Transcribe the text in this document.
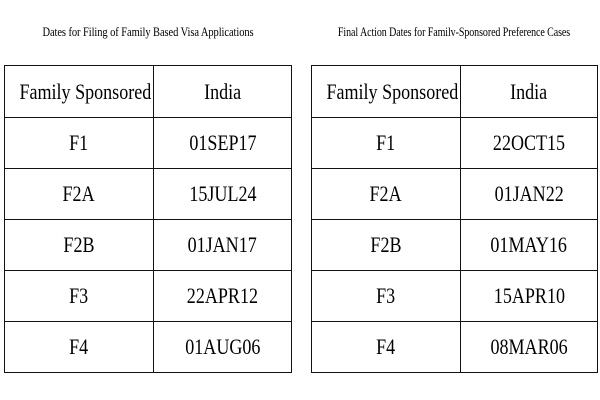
Dates for Filing of Family Based Visa Applications
Family Sponsored	India
F1	01SEP17
F2A	15JUL24
F2B	01JAN17
F3	22APR12
F4	01AUG06
Final Action Dates for Familv-Sponsored Preference Cases
Family Sponsored	India
F1	22OCT15
F2A	01JAN22
F2B	01MAY16
F3	15APR10
F4	08MAR06
